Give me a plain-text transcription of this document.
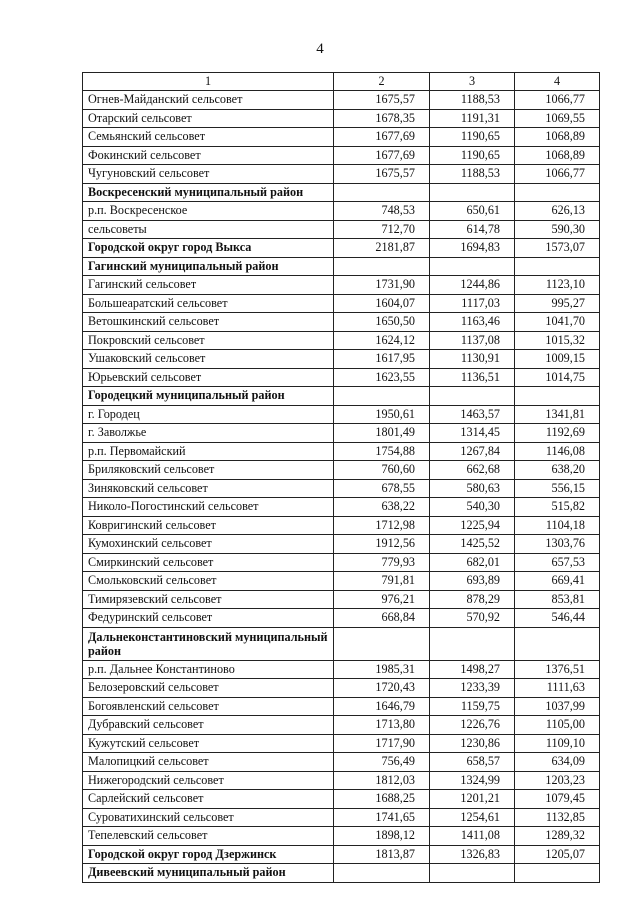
4
1	2	3	4
Огнев-Майданский сельсовет	1675,57	1188,53	1066,77
Отарский сельсовет	1678,35	1191,31	1069,55
Семьянский сельсовет	1677,69	1190,65	1068,89
Фокинский сельсовет	1677,69	1190,65	1068,89
Чугуновский сельсовет	1675,57	1188,53	1066,77
Воскресенский муниципальный район			
р.п. Воскресенское	748,53	650,61	626,13
сельсоветы	712,70	614,78	590,30
Городской округ город Выкса	2181,87	1694,83	1573,07
Гагинский муниципальный район			
Гагинский сельсовет	1731,90	1244,86	1123,10
Большеаратский сельсовет	1604,07	1117,03	995,27
Ветошкинский сельсовет	1650,50	1163,46	1041,70
Покровский сельсовет	1624,12	1137,08	1015,32
Ушаковский сельсовет	1617,95	1130,91	1009,15
Юрьевский сельсовет	1623,55	1136,51	1014,75
Городецкий муниципальный район			
г. Городец	1950,61	1463,57	1341,81
г. Заволжье	1801,49	1314,45	1192,69
р.п. Первомайский	1754,88	1267,84	1146,08
Бриляковский сельсовет	760,60	662,68	638,20
Зиняковский сельсовет	678,55	580,63	556,15
Николо-Погостинский сельсовет	638,22	540,30	515,82
Ковригинский сельсовет	1712,98	1225,94	1104,18
Кумохинский сельсовет	1912,56	1425,52	1303,76
Смиркинский сельсовет	779,93	682,01	657,53
Смольковский сельсовет	791,81	693,89	669,41
Тимирязевский сельсовет	976,21	878,29	853,81
Федуринский сельсовет	668,84	570,92	546,44
Дальнеконстантиновский муниципальный район			
р.п. Дальнее Константиново	1985,31	1498,27	1376,51
Белозеровский сельсовет	1720,43	1233,39	1111,63
Богоявленский сельсовет	1646,79	1159,75	1037,99
Дубравский сельсовет	1713,80	1226,76	1105,00
Кужутский сельсовет	1717,90	1230,86	1109,10
Малопицкий сельсовет	756,49	658,57	634,09
Нижегородский сельсовет	1812,03	1324,99	1203,23
Сарлейский сельсовет	1688,25	1201,21	1079,45
Суроватихинский сельсовет	1741,65	1254,61	1132,85
Тепелевский сельсовет	1898,12	1411,08	1289,32
Городской округ город Дзержинск	1813,87	1326,83	1205,07
Дивеевский муниципальный район			
